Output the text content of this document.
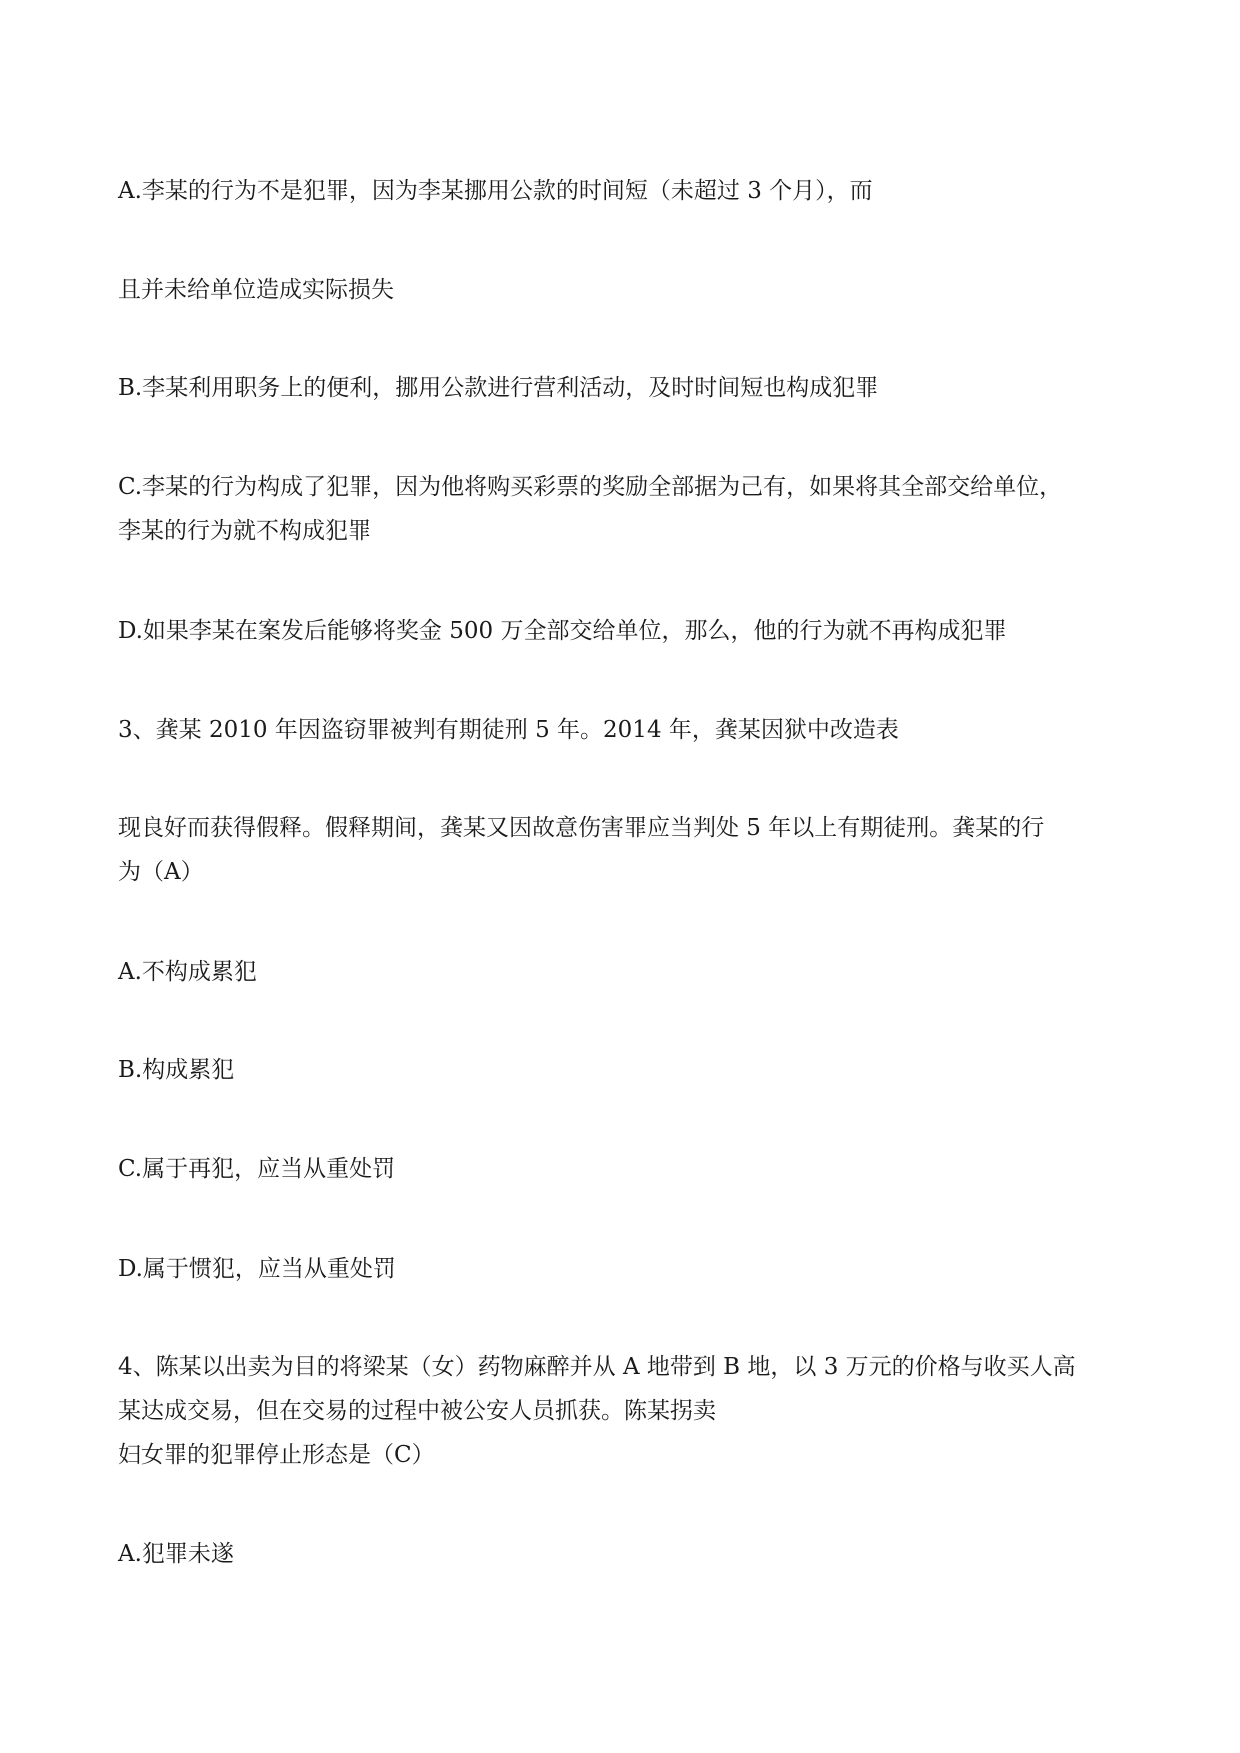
A.李某的行为不是犯罪，因为李某挪用公款的时间短（未超过 3 个月），而

且并未给单位造成实际损失

B.李某利用职务上的便利，挪用公款进行营利活动，及时时间短也构成犯罪

C.李某的行为构成了犯罪，因为他将购买彩票的奖励全部据为己有，如果将其全部交给单位，

李某的行为就不构成犯罪

D.如果李某在案发后能够将奖金 500 万全部交给单位，那么，他的行为就不再构成犯罪

3、龚某 2010 年因盗窃罪被判有期徒刑 5 年。2014 年，龚某因狱中改造表

现良好而获得假释。假释期间，龚某又因故意伤害罪应当判处 5 年以上有期徒刑。龚某的行

为（A）

A.不构成累犯

B.构成累犯

C.属于再犯，应当从重处罚

D.属于惯犯，应当从重处罚

4、陈某以出卖为目的将梁某（女）药物麻醉并从 A 地带到 B 地，以 3 万元的价格与收买人高

某达成交易，但在交易的过程中被公安人员抓获。陈某拐卖

妇女罪的犯罪停止形态是（C）

A.犯罪未遂
